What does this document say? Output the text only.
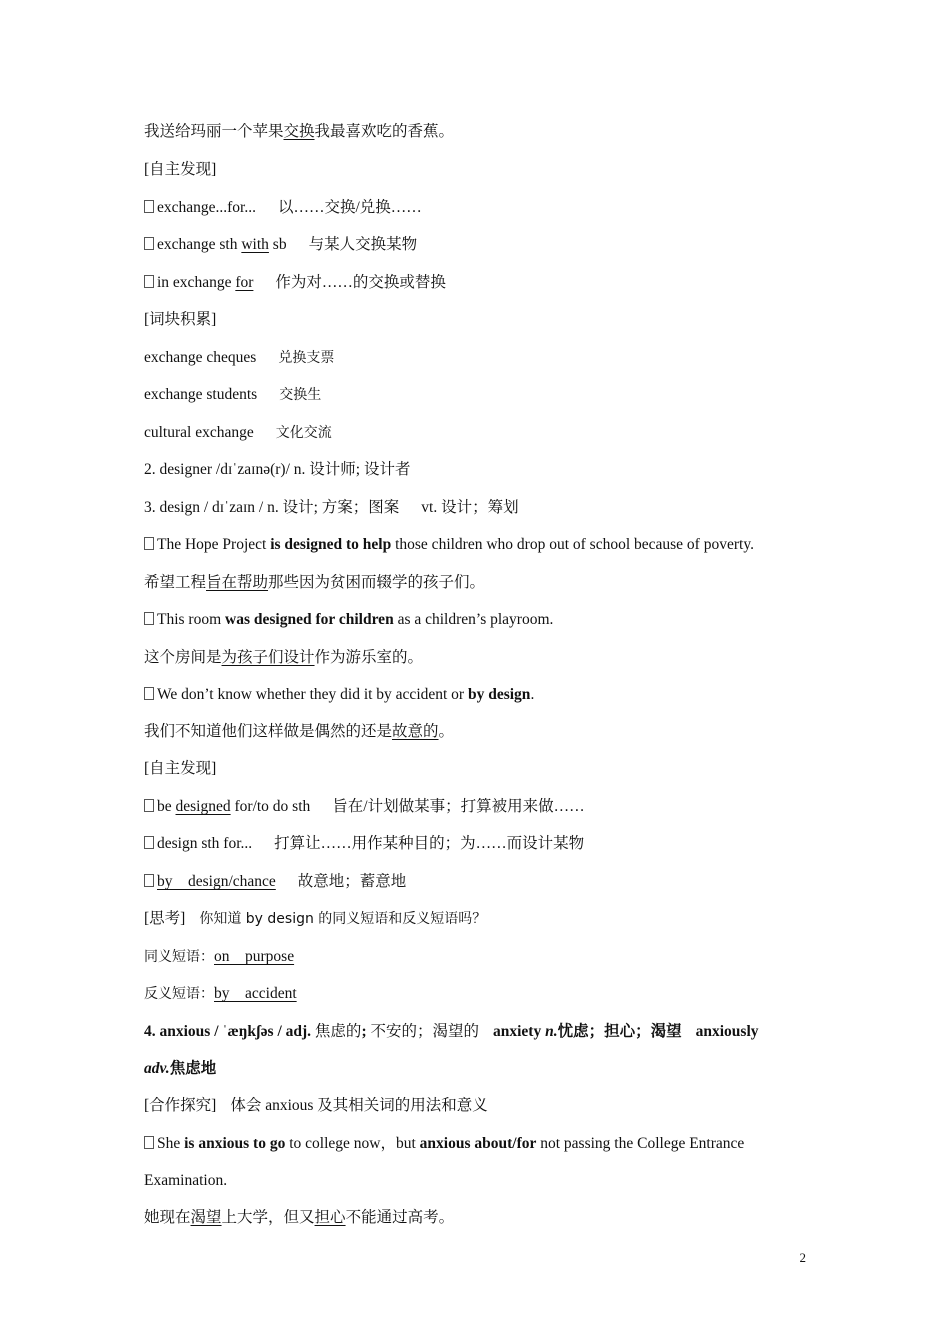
我送给玛丽一个苹果交换我最喜欢吃的香蕉。
[自主发现]
exchange...for... 以……交换/兑换……
exchange sth with sb 与某人交换某物
in exchange for 作为对……的交换或替换
[词块积累]
exchange cheques 兑换支票
exchange students 交换生
cultural exchange 文化交流
2. designer /dɪˈzaɪnə(r)/ n. 设计师; 设计者
3. design / dɪˈzaɪn / n. 设计; 方案；图案 vt. 设计；筹划
The Hope Project is designed to help those children who drop out of school because of poverty.
希望工程旨在帮助那些因为贫困而辍学的孩子们。
This room was designed for children as a children’s playroom.
这个房间是为孩子们设计作为游乐室的。
We don’t know whether they did it by accident or by design.
我们不知道他们这样做是偶然的还是故意的。
[自主发现]
be designed for/to do sth 旨在/计划做某事；打算被用来做……
design sth for... 打算让……用作某种目的；为……而设计某物
by    design/chance 故意地；蓄意地
[思考] 你知道 by design 的同义短语和反义短语吗？
同义短语：on    purpose
反义短语：by    accident
4. anxious / ˈæŋkʃəs / adj. 焦虑的; 不安的；渴望的 anxiety n.忧虑；担心；渴望 anxiously
adv.焦虑地
[合作探究] 体会 anxious 及其相关词的用法和意义
She is anxious to go to college now，but anxious about/for not passing the College Entrance
Examination.
她现在渴望上大学，但又担心不能通过高考。
2
